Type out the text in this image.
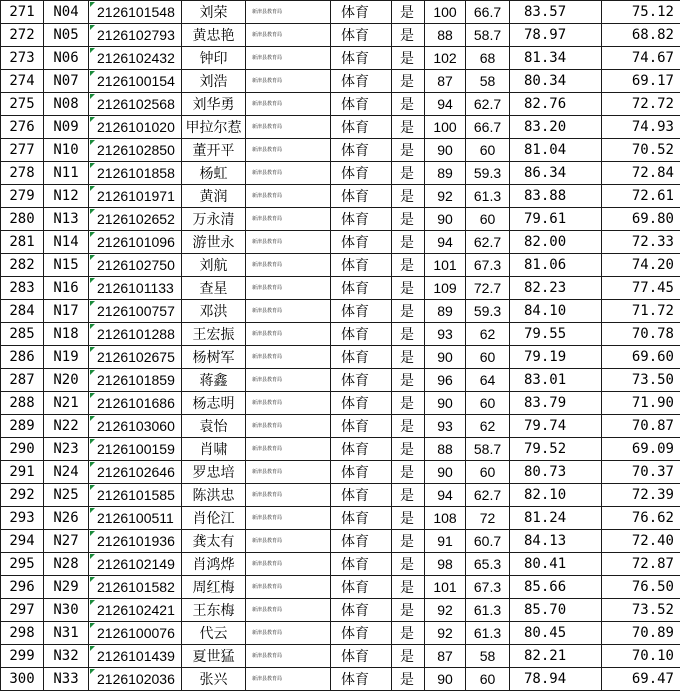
271	N04	2126101548	刘荣	新津县教育局	体育	是	100	66.7	83.57	75.12
272	N05	2126102793	黄忠艳	新津县教育局	体育	是	88	58.7	78.97	68.82
273	N06	2126102432	钟印	新津县教育局	体育	是	102	68	81.34	74.67
274	N07	2126100154	刘浩	新津县教育局	体育	是	87	58	80.34	69.17
275	N08	2126102568	刘华勇	新津县教育局	体育	是	94	62.7	82.76	72.72
276	N09	2126101020	甲拉尔惹	新津县教育局	体育	是	100	66.7	83.20	74.93
277	N10	2126102850	董开平	新津县教育局	体育	是	90	60	81.04	70.52
278	N11	2126101858	杨虹	新津县教育局	体育	是	89	59.3	86.34	72.84
279	N12	2126101971	黄润	新津县教育局	体育	是	92	61.3	83.88	72.61
280	N13	2126102652	万永清	新津县教育局	体育	是	90	60	79.61	69.80
281	N14	2126101096	游世永	新津县教育局	体育	是	94	62.7	82.00	72.33
282	N15	2126102750	刘航	新津县教育局	体育	是	101	67.3	81.06	74.20
283	N16	2126101133	查星	新津县教育局	体育	是	109	72.7	82.23	77.45
284	N17	2126100757	邓洪	新津县教育局	体育	是	89	59.3	84.10	71.72
285	N18	2126101288	王宏振	新津县教育局	体育	是	93	62	79.55	70.78
286	N19	2126102675	杨树军	新津县教育局	体育	是	90	60	79.19	69.60
287	N20	2126101859	蒋鑫	新津县教育局	体育	是	96	64	83.01	73.50
288	N21	2126101686	杨志明	新津县教育局	体育	是	90	60	83.79	71.90
289	N22	2126103060	袁怡	新津县教育局	体育	是	93	62	79.74	70.87
290	N23	2126100159	肖啸	新津县教育局	体育	是	88	58.7	79.52	69.09
291	N24	2126102646	罗忠培	新津县教育局	体育	是	90	60	80.73	70.37
292	N25	2126101585	陈洪忠	新津县教育局	体育	是	94	62.7	82.10	72.39
293	N26	2126100511	肖伦江	新津县教育局	体育	是	108	72	81.24	76.62
294	N27	2126101936	龚太有	新津县教育局	体育	是	91	60.7	84.13	72.40
295	N28	2126102149	肖鸿烨	新津县教育局	体育	是	98	65.3	80.41	72.87
296	N29	2126101582	周红梅	新津县教育局	体育	是	101	67.3	85.66	76.50
297	N30	2126102421	王东梅	新津县教育局	体育	是	92	61.3	85.70	73.52
298	N31	2126100076	代云	新津县教育局	体育	是	92	61.3	80.45	70.89
299	N32	2126101439	夏世猛	新津县教育局	体育	是	87	58	82.21	70.10
300	N33	2126102036	张兴	新津县教育局	体育	是	90	60	78.94	69.47
